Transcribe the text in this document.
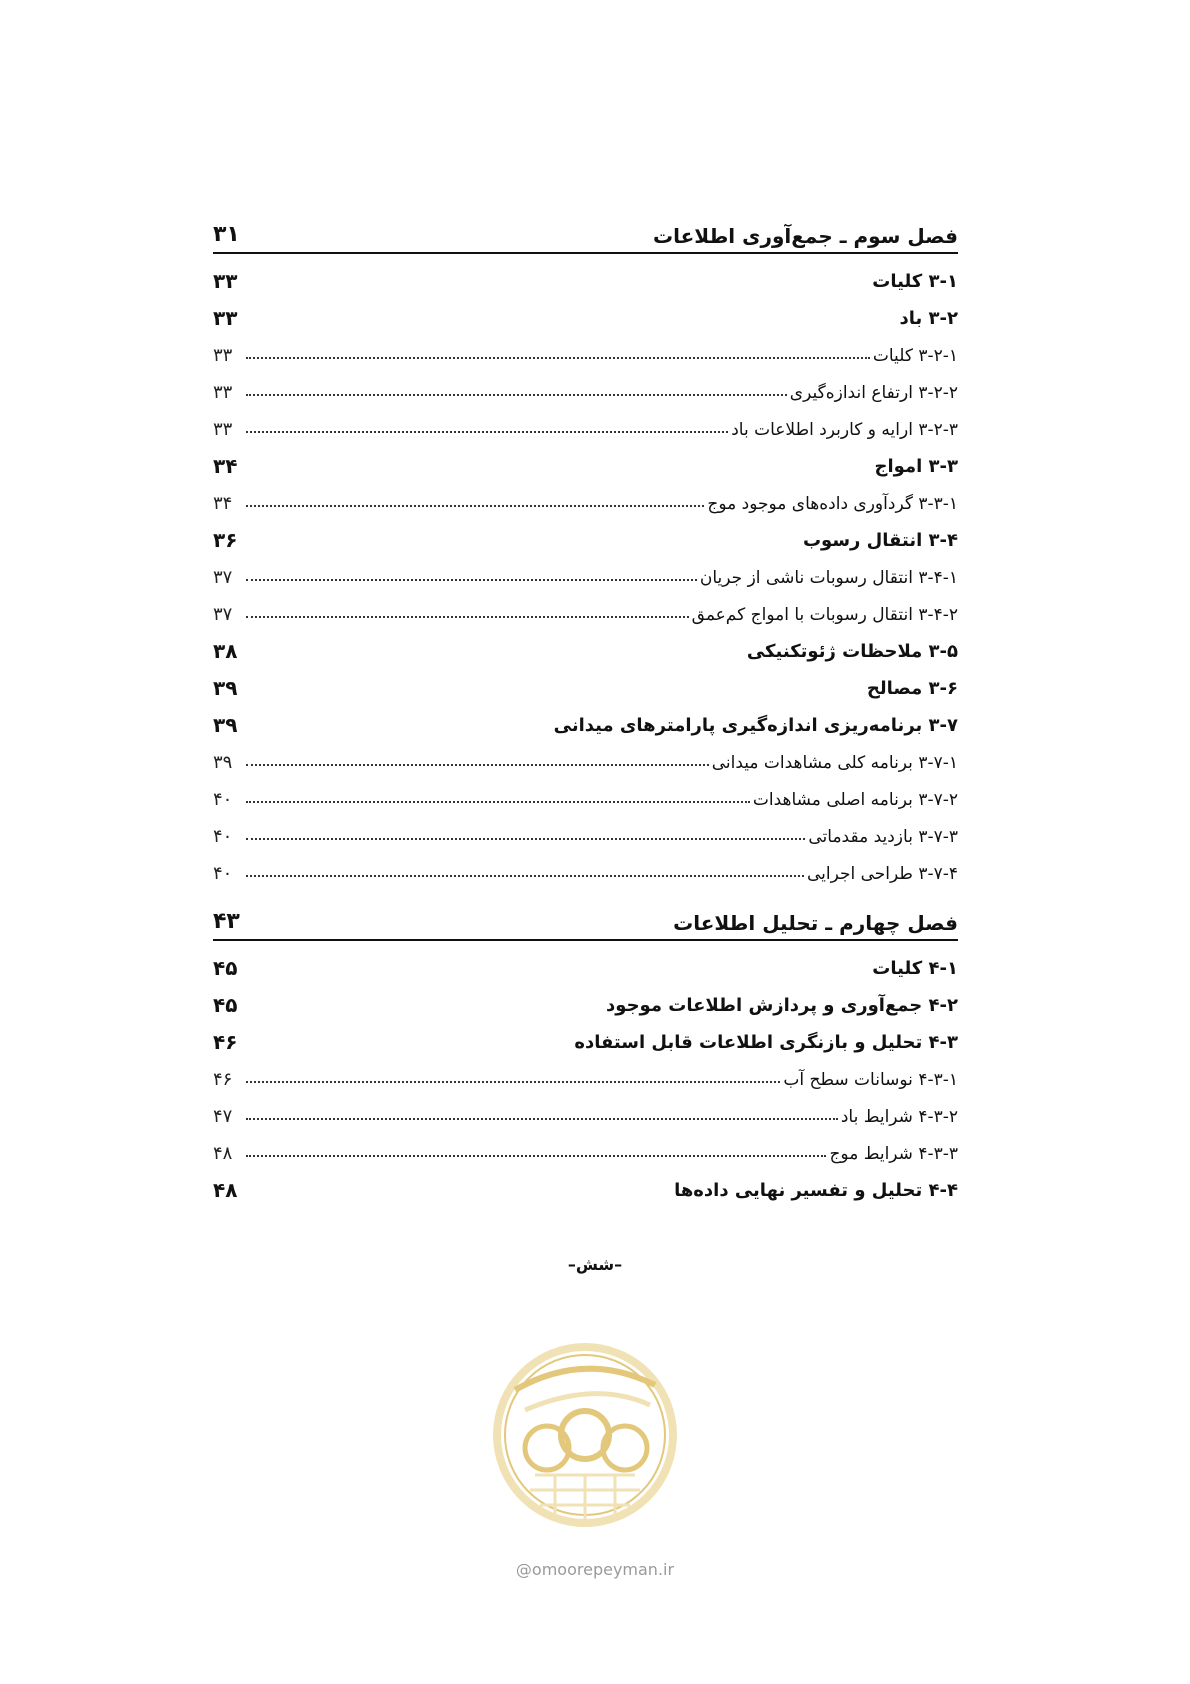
فصل سوم ـ جمع‌آوری اطلاعات
۳۱
۳-۱ کلیات
۳۳
۳-۲ باد
۳۳
۳-۲-۱ کلیات
۳۳
۳-۲-۲ ارتفاع اندازه‌گیری
۳۳
۳-۲-۳ ارایه و کاربرد اطلاعات باد
۳۳
۳-۳ امواج
۳۴
۳-۳-۱ گردآوری داده‌های موجود موج
۳۴
۳-۴ انتقال رسوب
۳۶
۳-۴-۱ انتقال رسوبات ناشی از جریان
۳۷
۳-۴-۲ انتقال رسوبات با امواج کم‌عمق
۳۷
۳-۵ ملاحظات ژئوتکنیکی
۳۸
۳-۶ مصالح
۳۹
۳-۷ برنامه‌ریزی اندازه‌گیری پارامترهای میدانی
۳۹
۳-۷-۱ برنامه کلی مشاهدات میدانی
۳۹
۳-۷-۲ برنامه اصلی مشاهدات
۴۰
۳-۷-۳ بازدید مقدماتی
۴۰
۳-۷-۴ طراحی اجرایی
۴۰
فصل چهارم ـ تحلیل اطلاعات
۴۳
۴-۱ کلیات
۴۵
۴-۲ جمع‌آوری و پردازش اطلاعات موجود
۴۵
۴-۳ تحلیل و بازنگری اطلاعات قابل استفاده
۴۶
۴-۳-۱ نوسانات سطح آب
۴۶
۴-۳-۲ شرایط باد
۴۷
۴-۳-۳ شرایط موج
۴۸
۴-۴ تحلیل و تفسیر نهایی داده‌ها
۴۸
–شش–
@omoorepeyman.ir
